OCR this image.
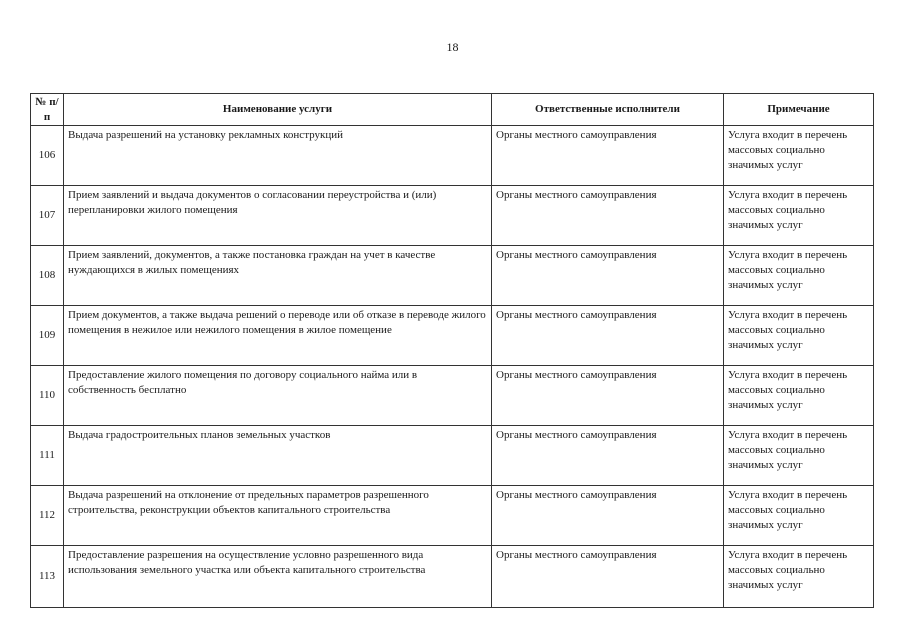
18
№ п/п	Наименование услуги	Ответственные исполнители	Примечание
106	Выдача разрешений на установку рекламных конструкций	Органы местного самоуправления	Услуга входит в перечень массовых социально значимых услуг
107	Прием заявлений и выдача документов о согласовании переустройства и (или) перепланировки жилого помещения	Органы местного самоуправления	Услуга входит в перечень массовых социально значимых услуг
108	Прием заявлений, документов, а также постановка граждан на учет в качестве нуждающихся в жилых помещениях	Органы местного самоуправления	Услуга входит в перечень массовых социально значимых услуг
109	Прием документов, а также выдача решений о переводе или об отказе в переводе жилого помещения в нежилое или нежилого помещения в жилое помещение	Органы местного самоуправления	Услуга входит в перечень массовых социально значимых услуг
110	Предоставление жилого помещения по договору социального найма или в собственность бесплатно	Органы местного самоуправления	Услуга входит в перечень массовых социально значимых услуг
111	Выдача градостроительных планов земельных участков	Органы местного самоуправления	Услуга входит в перечень массовых социально значимых услуг
112	Выдача разрешений на отклонение от предельных параметров разрешенного строительства, реконструкции объектов капитального строительства	Органы местного самоуправления	Услуга входит в перечень массовых социально значимых услуг
113	Предоставление разрешения на осуществление условно разрешенного вида использования земельного участка или объекта капитального строительства	Органы местного самоуправления	Услуга входит в перечень массовых социально значимых услуг
